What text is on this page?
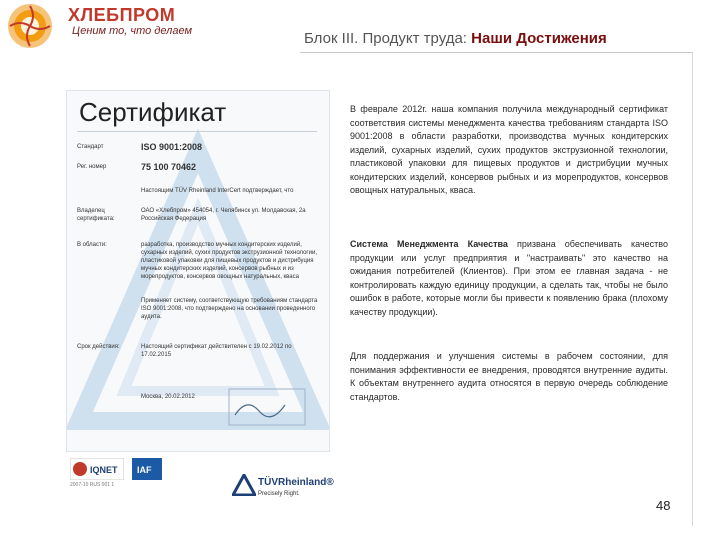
ХЛЕБПРОМ
Ценим то, что делаем	Блок III. Продукт труда: Наши Достижения
Сертификат
Стандарт	ISO 9001:2008
Рег. номер	75 100 70462
Настоящим TÜV Rheinland InterCert подтверждает, что
Владелец сертификата:
ОАО «Хлебпром» 454054, г. Челябинск ул. Молдавская, 2а Российская Федерация
В области:	разработка, производство мучных кондитерских изделий, сухарных изделий, сухих продуктов экструзионной технологии, пластиковой упаковки для пищевых продуктов и дистрибуция мучных кондитерских изделий, консервов рыбных и из морепродуктов, консервов овощных натуральных, кваса
Применяет систему, соответствующую требованиям стандарта ISO 9001:2008, что подтверждено на основании проведенного аудита.
Срок действия:	Настоящий сертификат действителен с 19.02.2012 по 17.02.2015
Москва, 20.02.2012
IQNET IAF
2007-10 RUS 001 1	TÜVRheinland®
Precisely Right.

В феврале 2012г. наша компания получила международный сертификат соответствия системы менеджмента качества требованиям стандарта ISO 9001:2008 в области разработки, производства мучных кондитерских изделий, сухарных изделий, сухих продуктов экструзионной технологии, пластиковой упаковки для пищевых продуктов и дистрибуции мучных кондитерских изделий, консервов рыбных и из морепродуктов, консервов овощных натуральных, кваса.

Система Менеджмента Качества призвана обеспечивать качество продукции или услуг предприятия и "настраивать" это качество на ожидания потребителей (Клиентов). При этом ее главная задача - не контролировать каждую единицу продукции, а сделать так, чтобы не было ошибок в работе, которые могли бы привести к появлению брака (плохому качеству продукции).

Для поддержания и улучшения системы в рабочем состоянии, для понимания эффективности ее внедрения, проводятся внутренние аудиты. К объектам внутреннего аудита относятся в первую очередь соблюдение стандартов.

48
